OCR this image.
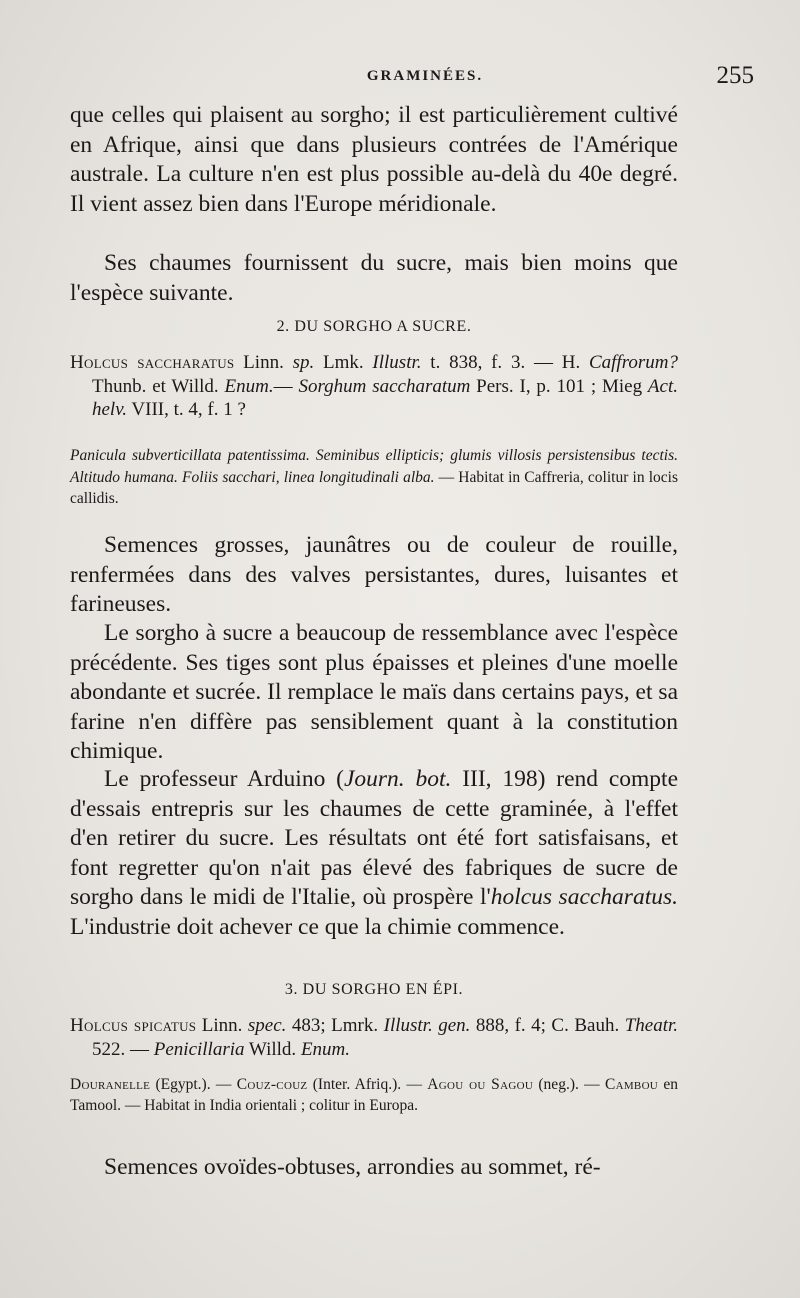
GRAMINÉES.	255

que celles qui plaisent au sorgho; il est particulièrement cultivé en Afrique, ainsi que dans plusieurs contrées de l'Amérique australe. La culture n'en est plus possible au-delà du 40e degré. Il vient assez bien dans l'Europe méridionale.

Ses chaumes fournissent du sucre, mais bien moins que l'espèce suivante.

2. DU SORGHO A SUCRE.

Holcus saccharatus Linn. sp. Lmk. Illustr. t. 838, f. 3. — H. Caffrorum? Thunb. et Willd. Enum.— Sorghum saccharatum Pers. I, p. 101 ; Mieg Act. helv. VIII, t. 4, f. 1 ?

Panicula subverticillata patentissima. Seminibus ellipticis; glumis villosis persistensibus tectis. Altitudo humana. Foliis sacchari, linea longitudinali alba. — Habitat in Caffreria, colitur in locis callidis.

Semences grosses, jaunâtres ou de couleur de rouille, renfermées dans des valves persistantes, dures, luisantes et farineuses.

Le sorgho à sucre a beaucoup de ressemblance avec l'espèce précédente. Ses tiges sont plus épaisses et pleines d'une moelle abondante et sucrée. Il remplace le maïs dans certains pays, et sa farine n'en diffère pas sensiblement quant à la constitution chimique.

Le professeur Arduino (Journ. bot. III, 198) rend compte d'essais entrepris sur les chaumes de cette graminée, à l'effet d'en retirer du sucre. Les résultats ont été fort satisfaisans, et font regretter qu'on n'ait pas élevé des fabriques de sucre de sorgho dans le midi de l'Italie, où prospère l'holcus saccharatus. L'industrie doit achever ce que la chimie commence.

3. DU SORGHO EN ÉPI.

Holcus spicatus Linn. spec. 483; Lmrk. Illustr. gen. 888, f. 4; C. Bauh. Theatr. 522. — Penicillaria Willd. Enum.

Douranelle (Egypt.). — Couz-couz (Inter. Afriq.). — Agou ou Sagou (neg.). — Cambou en Tamool. — Habitat in India orientali ; colitur in Europa.

Semences ovoïdes-obtuses, arrondies au sommet, ré-
